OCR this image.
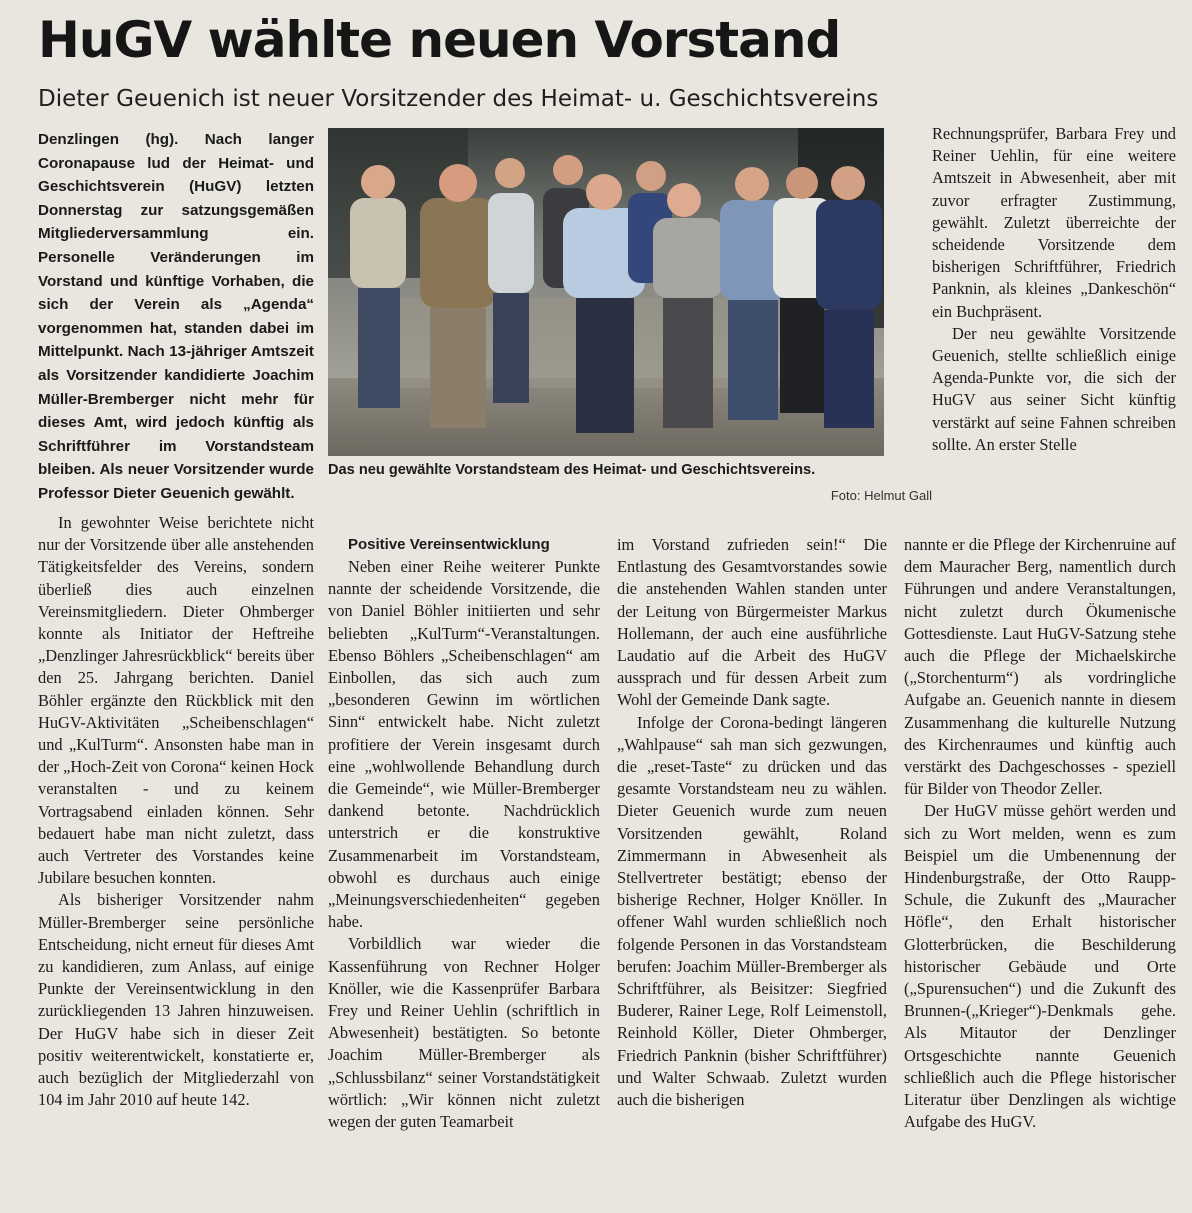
HuGV wählte neuen Vorstand
Dieter Geuenich ist neuer Vorsitzender des Heimat- u. Geschichtsvereins

Denzlingen (hg). Nach langer Coronapause lud der Heimat- und Geschichtsverein (HuGV) letzten Donnerstag zur satzungsgemäßen Mitgliederversammlung ein. Personelle Veränderungen im Vorstand und künftige Vorhaben, die sich der Verein als „Agenda“ vorgenommen hat, standen dabei im Mittelpunkt. Nach 13-jähriger Amtszeit als Vorsitzender kandidierte Joachim Müller-Bremberger nicht mehr für dieses Amt, wird jedoch künftig als Schriftführer im Vorstandsteam bleiben. Als neuer Vorsitzender wurde Professor Dieter Geuenich gewählt.

Das neu gewählte Vorstandsteam des Heimat- und Geschichtsvereins.
Foto: Helmut Gall

Rechnungsprüfer, Barbara Frey und Reiner Uehlin, für eine weitere Amtszeit in Abwesenheit, aber mit zuvor erfragter Zustimmung, gewählt. Zuletzt überreichte der scheidende Vorsitzende dem bisherigen Schriftführer, Friedrich Panknin, als kleines „Dankeschön“ ein Buchpräsent.

Der neu gewählte Vorsitzende Geuenich, stellte schließlich einige Agenda-Punkte vor, die sich der HuGV aus seiner Sicht künftig verstärkt auf seine Fahnen schreiben sollte. An erster Stelle

In gewohnter Weise berichtete nicht nur der Vorsitzende über alle anstehenden Tätigkeitsfelder des Vereins, sondern überließ dies auch einzelnen Vereinsmitgliedern. Dieter Ohmberger konnte als Initiator der Heftreihe „Denzlinger Jahresrückblick“ bereits über den 25. Jahrgang berichten. Daniel Böhler ergänzte den Rückblick mit den HuGV-Aktivitäten „Scheibenschlagen“ und „KulTurm“. Ansonsten habe man in der „Hoch-Zeit von Corona“ keinen Hock veranstalten - und zu keinem Vortragsabend einladen können. Sehr bedauert habe man nicht zuletzt, dass auch Vertreter des Vorstandes keine Jubilare besuchen konnten.

Als bisheriger Vorsitzender nahm Müller-Bremberger seine persönliche Entscheidung, nicht erneut für dieses Amt zu kandidieren, zum Anlass, auf einige Punkte der Vereinsentwicklung in den zurückliegenden 13 Jahren hinzuweisen. Der HuGV habe sich in dieser Zeit positiv weiterentwickelt, konstatierte er, auch bezüglich der Mitgliederzahl von 104 im Jahr 2010 auf heute 142.

Positive Vereinsentwicklung

Neben einer Reihe weiterer Punkte nannte der scheidende Vorsitzende, die von Daniel Böhler initiierten und sehr beliebten „KulTurm“-Veranstaltungen. Ebenso Böhlers „Scheibenschlagen“ am Einbollen, das sich auch zum „besonderen Gewinn im wörtlichen Sinn“ entwickelt habe. Nicht zuletzt profitiere der Verein insgesamt durch eine „wohlwollende Behandlung durch die Gemeinde“, wie Müller-Bremberger dankend betonte. Nachdrücklich unterstrich er die konstruktive Zusammenarbeit im Vorstandsteam, obwohl es durchaus auch einige „Meinungsverschiedenheiten“ gegeben habe.

Vorbildlich war wieder die Kassenführung von Rechner Holger Knöller, wie die Kassenprüfer Barbara Frey und Reiner Uehlin (schriftlich in Abwesenheit) bestätigten. So betonte Joachim Müller-Bremberger als „Schlussbilanz“ seiner Vorstandstätigkeit wörtlich: „Wir können nicht zuletzt wegen der guten Teamarbeit

im Vorstand zufrieden sein!“ Die Entlastung des Gesamtvorstandes sowie die anstehenden Wahlen standen unter der Leitung von Bürgermeister Markus Hollemann, der auch eine ausführliche Laudatio auf die Arbeit des HuGV aussprach und für dessen Arbeit zum Wohl der Gemeinde Dank sagte.

Infolge der Corona-bedingt längeren „Wahlpause“ sah man sich gezwungen, die „reset-Taste“ zu drücken und das gesamte Vorstandsteam neu zu wählen. Dieter Geuenich wurde zum neuen Vorsitzenden gewählt, Roland Zimmermann in Abwesenheit als Stellvertreter bestätigt; ebenso der bisherige Rechner, Holger Knöller. In offener Wahl wurden schließlich noch folgende Personen in das Vorstandsteam berufen: Joachim Müller-Bremberger als Schriftführer, als Beisitzer: Siegfried Buderer, Rainer Lege, Rolf Leimenstoll, Reinhold Köller, Dieter Ohmberger, Friedrich Panknin (bisher Schriftführer) und Walter Schwaab. Zuletzt wurden auch die bisherigen

nannte er die Pflege der Kirchenruine auf dem Mauracher Berg, namentlich durch Führungen und andere Veranstaltungen, nicht zuletzt durch Ökumenische Gottesdienste. Laut HuGV-Satzung stehe auch die Pflege der Michaelskirche („Storchenturm“) als vordringliche Aufgabe an. Geuenich nannte in diesem Zusammenhang die kulturelle Nutzung des Kirchenraumes und künftig auch verstärkt des Dachgeschosses - speziell für Bilder von Theodor Zeller.

Der HuGV müsse gehört werden und sich zu Wort melden, wenn es zum Beispiel um die Umbenennung der Hindenburgstraße, der Otto Raupp-Schule, die Zukunft des „Mauracher Höfle“, den Erhalt historischer Glotterbrücken, die Beschilderung historischer Gebäude und Orte („Spurensuchen“) und die Zukunft des Brunnen-(„Krieger“)-Denkmals gehe. Als Mitautor der Denzlinger Ortsgeschichte nannte Geuenich schließlich auch die Pflege historischer Literatur über Denzlingen als wichtige Aufgabe des HuGV.
